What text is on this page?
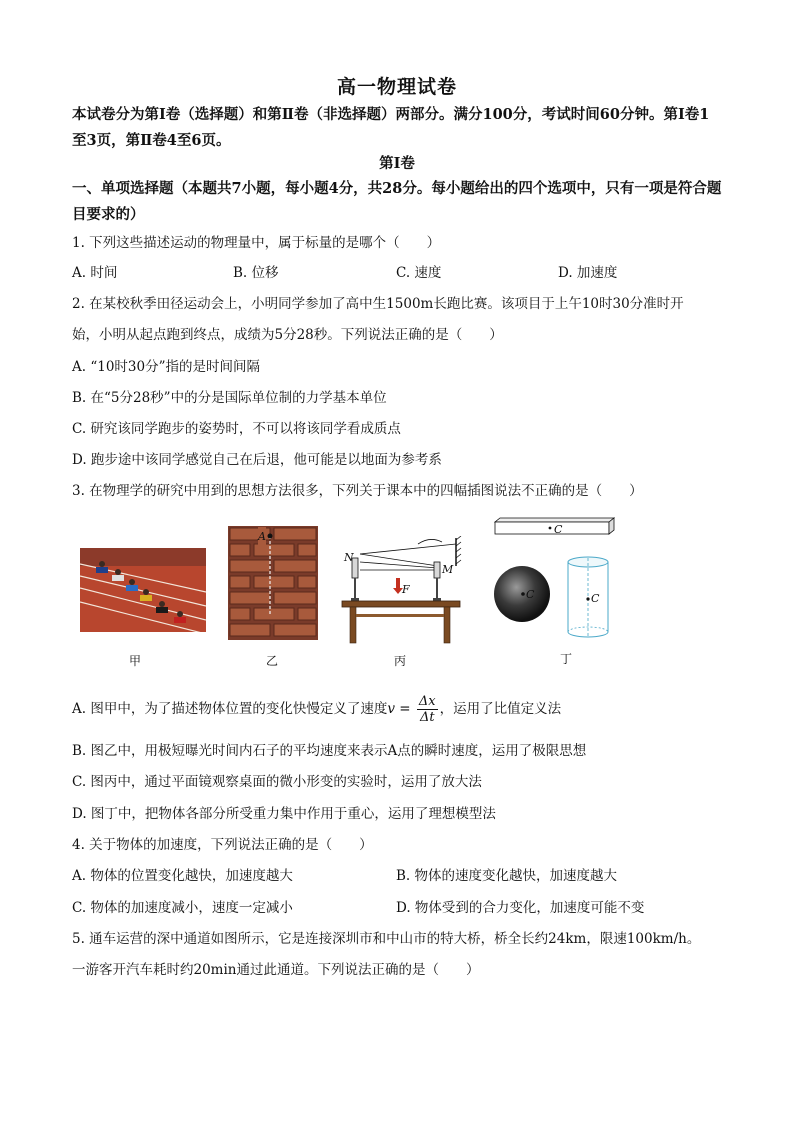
高一物理试卷
本试卷分为第Ⅰ卷（选择题）和第Ⅱ卷（非选择题）两部分。满分100分，考试时间60分钟。第Ⅰ卷1至3页，第Ⅱ卷4至6页。
第Ⅰ卷
一、单项选择题（本题共7小题，每小题4分，共28分。每小题给出的四个选项中，只有一项是符合题目要求的）
1. 下列这些描述运动的物理量中，属于标量的是哪个（　　）
A. 时间	B. 位移	C. 速度	D. 加速度
2. 在某校秋季田径运动会上，小明同学参加了高中生1500m长跑比赛。该项目于上午10时30分准时开
始，小明从起点跑到终点，成绩为5分28秒。下列说法正确的是（　　）
A. “10时30分”指的是时间间隔
B. 在“5分28秒”中的分是国际单位制的力学基本单位
C. 研究该同学跑步的姿势时，不可以将该同学看成质点
D. 跑步途中该同学感觉自己在后退，他可能是以地面为参考系
3. 在物理学的研究中用到的思想方法很多，下列关于课本中的四幅插图说法不正确的是（　　）
甲
A
乙
N
M
F
丙
C
C	C
丁
A. 图甲中，为了描述物体位置的变化快慢定义了速度$v = \frac{\Delta x}{\Delta t}$ ，运用了比值定义法
B. 图乙中，用极短曝光时间内石子的平均速度来表示A点的瞬时速度，运用了极限思想
C. 图丙中，通过平面镜观察桌面的微小形变的实验时，运用了放大法
D. 图丁中，把物体各部分所受重力集中作用于重心，运用了理想模型法
4. 关于物体的加速度，下列说法正确的是（　　）
A. 物体的位置变化越快，加速度越大	B. 物体的速度变化越快，加速度越大
C. 物体的加速度减小，速度一定减小	D. 物体受到的合力变化，加速度可能不变
5. 通车运营的深中通道如图所示，它是连接深圳市和中山市的特大桥，桥全长约24km，限速100km/h。
一游客开汽车耗时约20min通过此通道。下列说法正确的是（　　）
